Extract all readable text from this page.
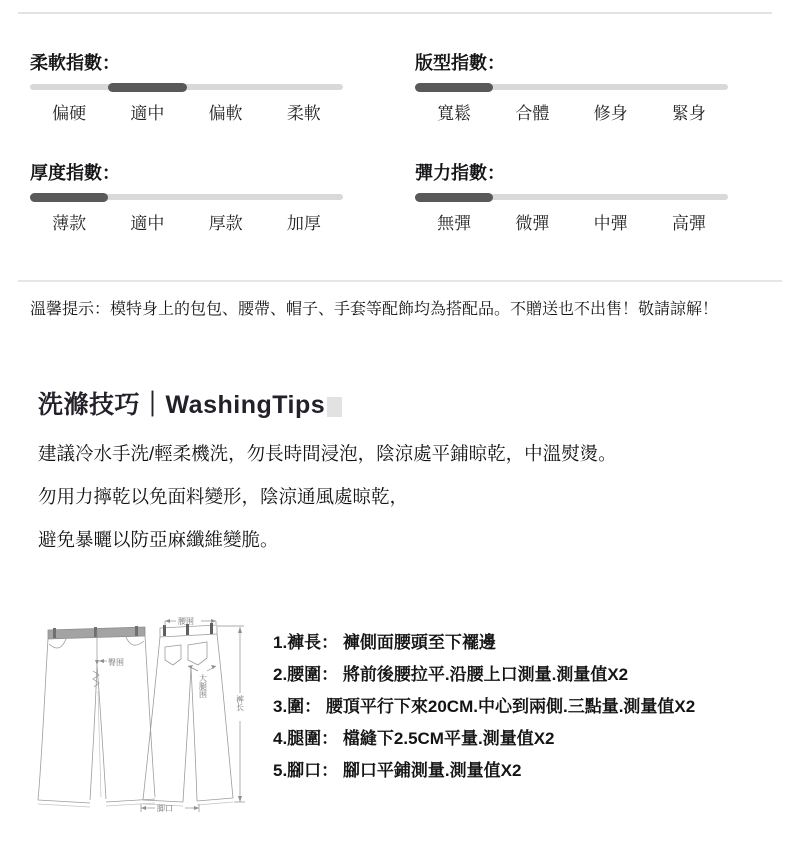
柔軟指數：
偏硬	適中	偏軟	柔軟
版型指數：
寬鬆	合體	修身	緊身
厚度指數：
薄款	適中	厚款	加厚
彈力指數：
無彈	微彈	中彈	高彈
溫馨提示：模特身上的包包、腰帶、帽子、手套等配飾均為搭配品。不贈送也不出售！敬請諒解！
洗滌技巧｜WashingTips

建議冷水手洗/輕柔機洗，勿長時間浸泡，陰涼處平鋪晾乾，中溫熨燙。

勿用力擰乾以免面料變形，陰涼通風處晾乾，

避免暴曬以防亞麻纖維變脆。

臀围
大腿围
腰围
裤长
脚口
1.褲長： 褲側面腰頭至下襬邊
2.腰圍： 將前後腰拉平.沿腰上口測量.測量值X2
3.圍： 腰頂平行下來20CM.中心到兩側.三點量.測量值X2
4.腿圍： 檔縫下2.5CM平量.測量值X2
5.腳口： 腳口平鋪測量.測量值X2
